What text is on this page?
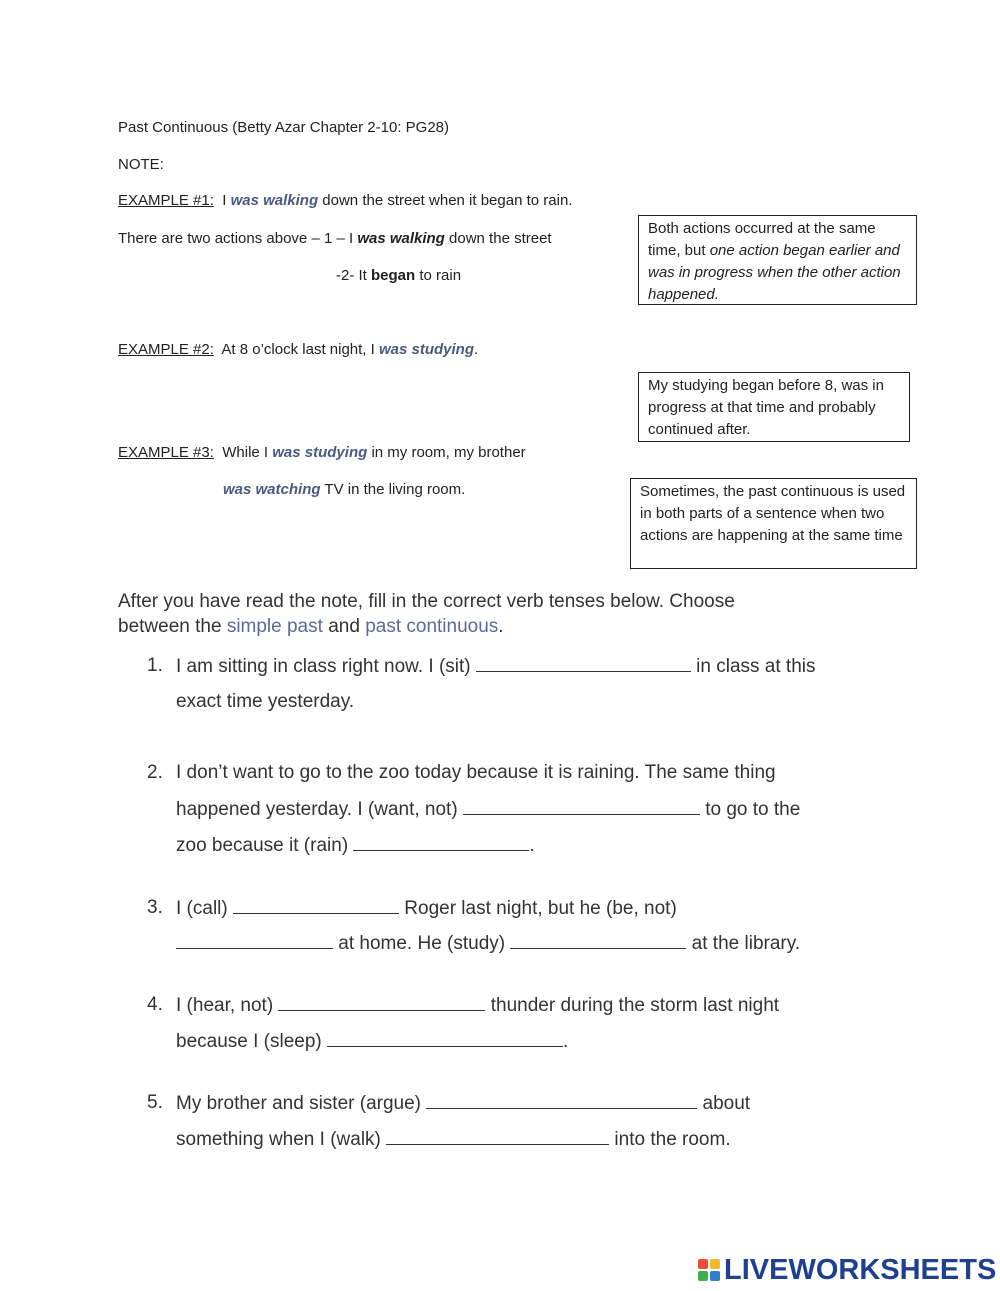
Past Continuous (Betty Azar Chapter 2-10: PG28)
NOTE:
EXAMPLE #1: I was walking down the street when it began to rain.
There are two actions above – 1 – I was walking down the street
-2- It began to rain
Both actions occurred at the same time, but one action began earlier and was in progress when the other action happened.
EXAMPLE #2: At 8 o’clock last night, I was studying.
My studying began before 8, was in progress at that time and probably continued after.
EXAMPLE #3: While I was studying in my room, my brother
was watching TV in the living room.	Sometimes, the past continuous is used in both parts of a sentence when two actions are happening at the same time
After you have read the note, fill in the correct verb tenses below. Choose
between the simple past and past continuous.
1. I am sitting in class right now. I (sit)	in class at this
exact time yesterday.
2. I don’t want to go to the zoo today because it is raining. The same thing
happened yesterday. I (want, not)	to go to the
zoo because it (rain)	.
3. I (call)	Roger last night, but he (be, not)
at home. He (study)	at the library.
4. I (hear, not)	thunder during the storm last night
because I (sleep)	.
5. My brother and sister (argue)	about
something when I (walk)	into the room.
LIVEWORKSHEETS
